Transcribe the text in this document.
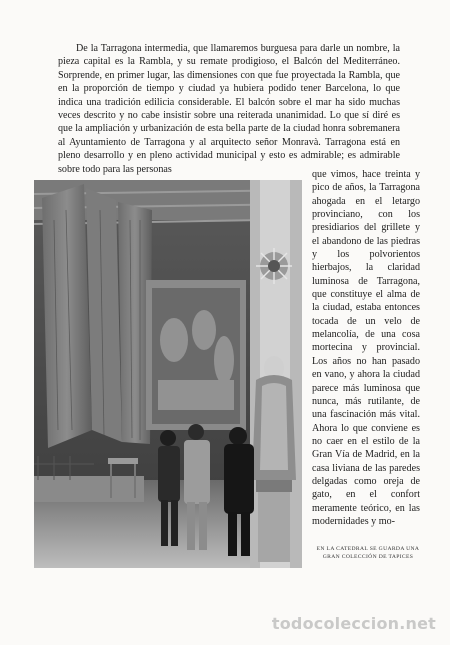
De la Tarragona intermedia, que llamaremos burguesa para darle un nombre, la pieza capital es la Rambla, y su remate prodigioso, el Balcón del Mediterráneo. Sorprende, en primer lugar, las dimensiones con que fue proyectada la Rambla, que en la proporción de tiempo y ciudad ya hubiera podido tener Barcelona, lo que indica una tradición edilicia considerable. El balcón sobre el mar ha sido muchas veces descrito y no cabe insistir sobre una reiterada unanimidad. Lo que sí diré es que la ampliación y urbanización de esta bella parte de la ciudad honra sobremanera al Ayuntamiento de Tarragona y al arquitecto señor Monravà. Tarragona está en pleno desarrollo y en pleno actividad municipal y esto es admirable; es admirable sobre todo para las personas	que vimos, hace treinta y pico de años, la Tarragona ahogada en el letargo provinciano, con los presidiarios del grillete y el abandono de las piedras y los polvorientos hierbajos, la claridad luminosa de Tarragona, que constituye el alma de la ciudad, estaba entonces tocada de un velo de melancolía, de una cosa mortecina y provincial. Los años no han pasado en vano, y ahora la ciudad parece más luminosa que nunca, más rutilante, de una fascinación más vital. Ahora lo que conviene es no caer en el estilo de la Gran Vía de Madrid, en la casa liviana de las paredes delgadas como oreja de gato, en el confort meramente teórico, en las modernidades y mo-

EN LA CATEDRAL SE GUARDA UNA GRAN COLECCIÓN DE TAPICES
todocoleccion.net
